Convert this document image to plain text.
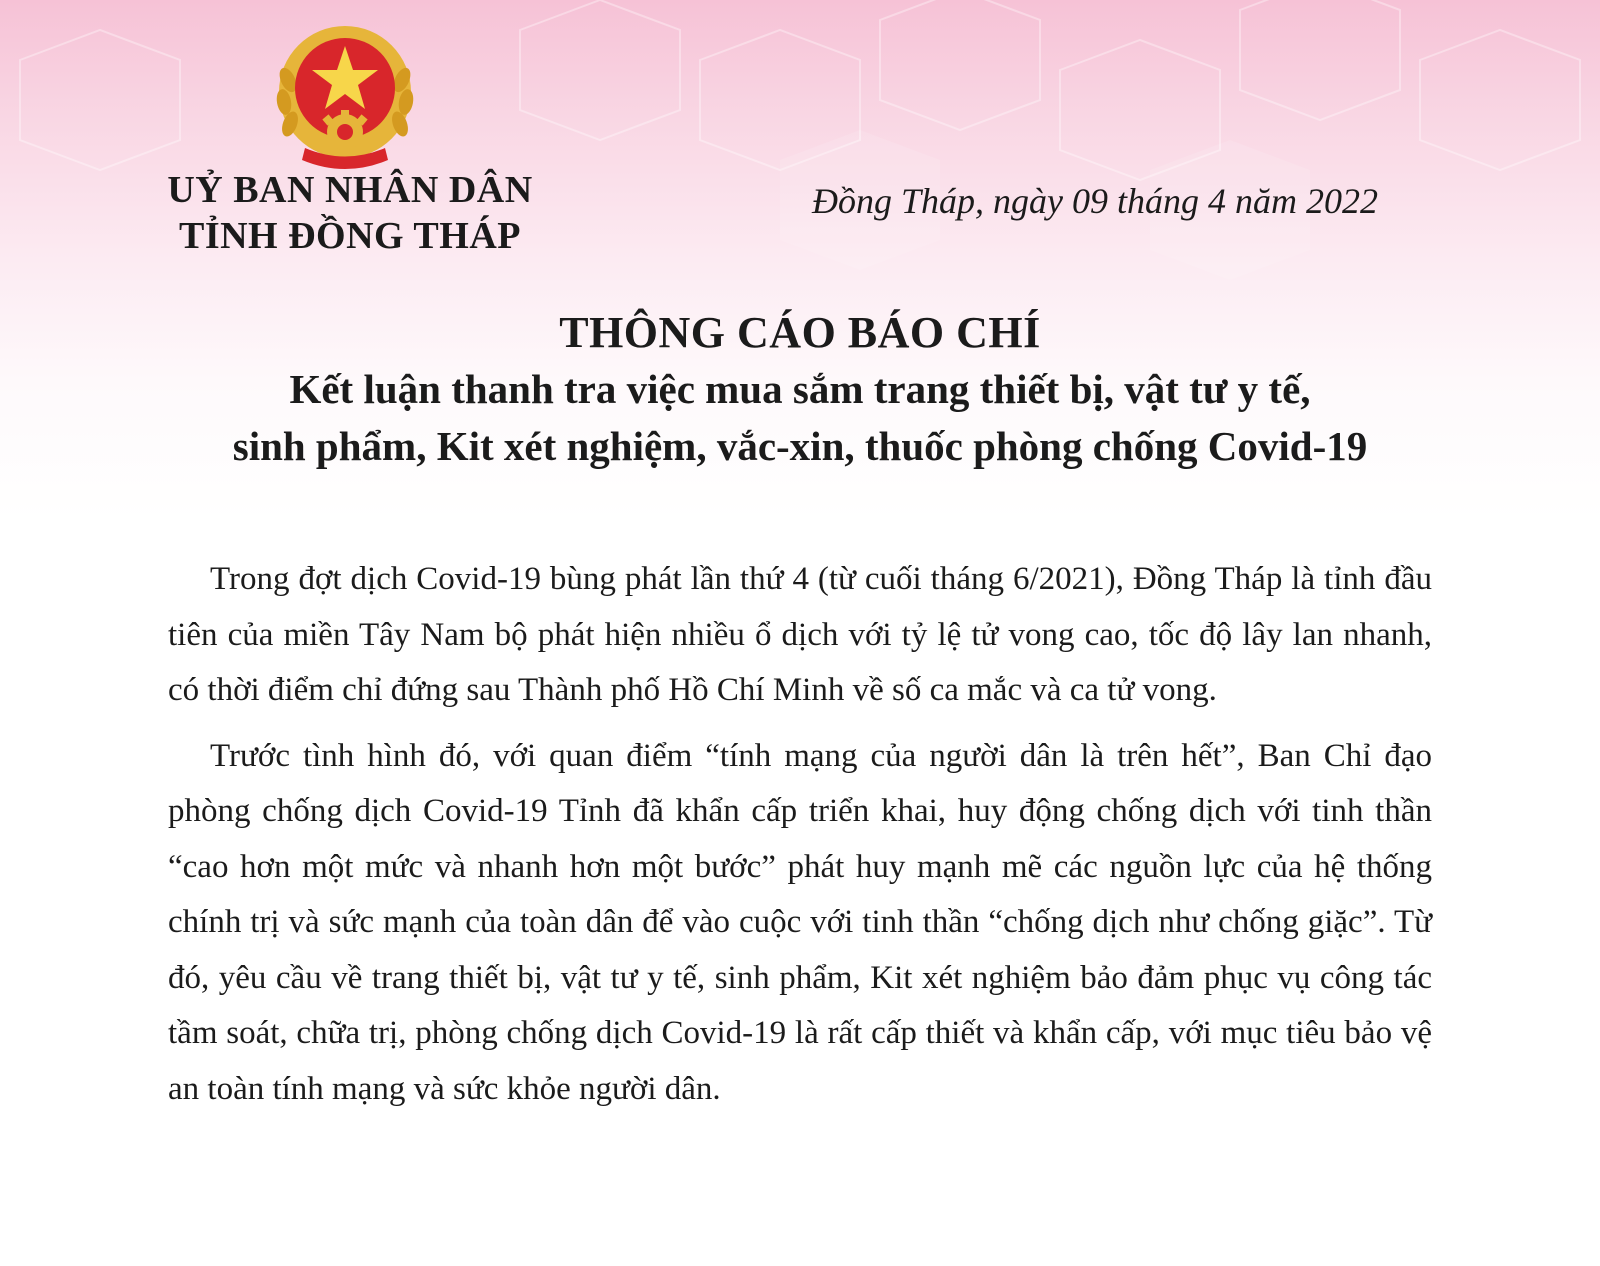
UỶ BAN NHÂN DÂN
TỈNH ĐỒNG THÁP
Đồng Tháp, ngày 09 tháng 4 năm 2022
THÔNG CÁO BÁO CHÍ
Kết luận thanh tra việc mua sắm trang thiết bị, vật tư y tế,
sinh phẩm, Kit xét nghiệm, vắc-xin, thuốc phòng chống Covid-19

Trong đợt dịch Covid-19 bùng phát lần thứ 4 (từ cuối tháng 6/2021), Đồng Tháp là tỉnh đầu tiên của miền Tây Nam bộ phát hiện nhiều ổ dịch với tỷ lệ tử vong cao, tốc độ lây lan nhanh, có thời điểm chỉ đứng sau Thành phố Hồ Chí Minh về số ca mắc và ca tử vong.

Trước tình hình đó, với quan điểm “tính mạng của người dân là trên hết”, Ban Chỉ đạo phòng chống dịch Covid-19 Tỉnh đã khẩn cấp triển khai, huy động chống dịch với tinh thần “cao hơn một mức và nhanh hơn một bước” phát huy mạnh mẽ các nguồn lực của hệ thống chính trị và sức mạnh của toàn dân để vào cuộc với tinh thần “chống dịch như chống giặc”. Từ đó, yêu cầu về trang thiết bị, vật tư y tế, sinh phẩm, Kit xét nghiệm bảo đảm phục vụ công tác tầm soát, chữa trị, phòng chống dịch Covid-19 là rất cấp thiết và khẩn cấp, với mục tiêu bảo vệ an toàn tính mạng và sức khỏe người dân.
